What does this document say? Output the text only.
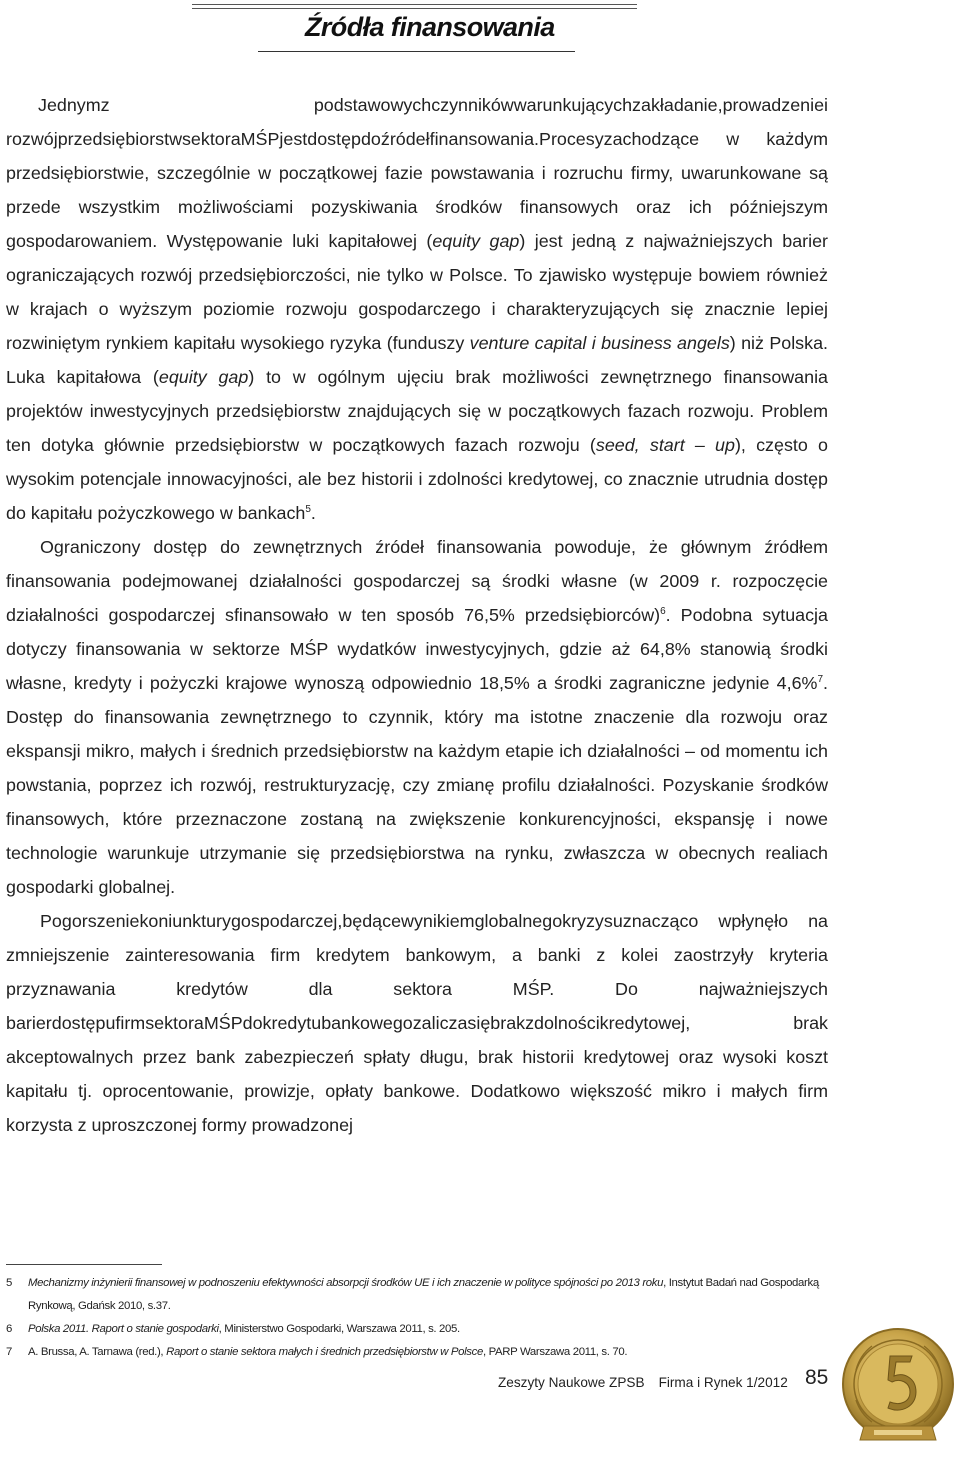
Źródła finansowania

Jednymz podstawowychczynnikówwarunkującychzakładanie,prowadzeniei rozwójprzedsiębiorstwsektoraMŚPjestdostępdoźródełfinansowania.Procesyzachodzące w każdym przedsiębiorstwie, szczególnie w początkowej fazie powstawania i rozruchu firmy, uwarunkowane są przede wszystkim możliwościami pozyskiwania środków finansowych oraz ich późniejszym gospodarowaniem. Występowanie luki kapitałowej (equity gap) jest jedną z najważniejszych barier ograniczających rozwój przedsiębiorczości, nie tylko w Polsce. To zjawisko występuje bowiem również w krajach o wyższym poziomie rozwoju gospodarczego i charakteryzujących się znacznie lepiej rozwiniętym rynkiem kapitału wysokiego ryzyka (funduszy venture capital i business angels) niż Polska. Luka kapitałowa (equity gap) to w ogólnym ujęciu brak możliwości zewnętrznego finansowania projektów inwestycyjnych przedsiębiorstw znajdujących się w początkowych fazach rozwoju. Problem ten dotyka głównie przedsiębiorstw w początkowych fazach rozwoju (seed, start – up), często o wysokim potencjale innowacyjności, ale bez historii i zdolności kredytowej, co znacznie utrudnia dostęp do kapitału pożyczkowego w bankach$^5$.

Ograniczony dostęp do zewnętrznych źródeł finansowania powoduje, że głównym źródłem finansowania podejmowanej działalności gospodarczej są środki własne (w 2009 r. rozpoczęcie działalności gospodarczej sfinansowało w ten sposób 76,5% przedsiębiorców)$^6$. Podobna sytuacja dotyczy finansowania w sektorze MŚP wydatków inwestycyjnych, gdzie aż 64,8% stanowią środki własne, kredyty i pożyczki krajowe wynoszą odpowiednio 18,5% a środki zagraniczne jedynie 4,6%$^7$. Dostęp do finansowania zewnętrznego to czynnik, który ma istotne znaczenie dla rozwoju oraz ekspansji mikro, małych i średnich przedsiębiorstw na każdym etapie ich działalności – od momentu ich powstania, poprzez ich rozwój, restrukturyzację, czy zmianę profilu działalności. Pozyskanie środków finansowych, które przeznaczone zostaną na zwiększenie konkurencyjności, ekspansję i nowe technologie warunkuje utrzymanie się przedsiębiorstwa na rynku, zwłaszcza w obecnych realiach gospodarki globalnej.

Pogorszeniekoniunkturygospodarczej,będącewynikiemglobalnegokryzysuznacząco wpłynęło na zmniejszenie zainteresowania firm kredytem bankowym, a banki z kolei zaostrzyły kryteria przyznawania kredytów dla sektora MŚP. Do najważniejszych barierdostępufirmsektoraMŚPdokredytubankowegozaliczasiębrakzdolnościkredytowej, brak akceptowalnych przez bank zabezpieczeń spłaty długu, brak historii kredytowej oraz wysoki koszt kapitału tj. oprocentowanie, prowizje, opłaty bankowe. Dodatkowo większość mikro i małych firm korzysta z uproszczonej formy prowadzonej

5 Mechanizmy inżynierii finansowej w podnoszeniu efektywności absorpcji środków UE i ich znaczenie w polityce spójności po 2013 roku, Instytut Badań nad Gospodarką Rynkową, Gdańsk 2010, s.37.
6 Polska 2011. Raport o stanie gospodarki, Ministerstwo Gospodarki, Warszawa 2011, s. 205.
7 A. Brussa, A. Tarnawa (red.), Raport o stanie sektora małych i średnich przedsiębiorstw w Polsce, PARP Warszawa 2011, s. 70.
Zeszyty Naukowe ZPSB Firma i Rynek 1/2012 85
